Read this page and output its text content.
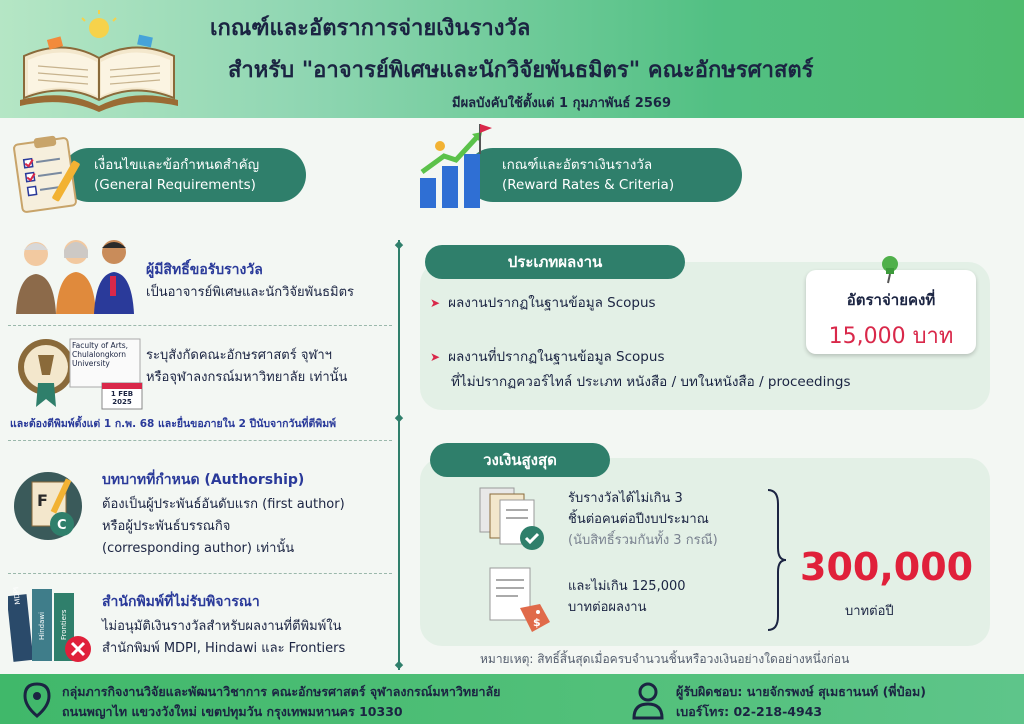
เกณฑ์และอัตราการจ่ายเงินรางวัล
สำหรับ "อาจารย์พิเศษและนักวิจัยพันธมิตร" คณะอักษรศาสตร์
มีผลบังคับใช้ตั้งแต่ 1 กุมภาพันธ์ 2569
เงื่อนไขและข้อกำหนดสำคัญ
(General Requirements)
เกณฑ์และอัตราเงินรางวัล
(Reward Rates & Criteria)
◆
◆
◆
ผู้มีสิทธิ์ขอรับรางวัล
เป็นอาจารย์พิเศษและนักวิจัยพันธมิตร
Faculty of Arts, Chulalongkorn University
1 FEB 2025
ระบุสังกัดคณะอักษรศาสตร์ จุฬาฯ
หรือจุฬาลงกรณ์มหาวิทยาลัย เท่านั้น
และต้องตีพิมพ์ตั้งแต่ 1 ก.พ. 68 และยื่นขอภายใน 2 ปีนับจากวันที่ตีพิมพ์
F
C
บทบาทที่กำหนด (Authorship)
ต้องเป็นผู้ประพันธ์อันดับแรก (first author)
หรือผู้ประพันธ์บรรณกิจ
(corresponding author) เท่านั้น
MDPI
Hindawi Frontiers
สำนักพิมพ์ที่ไม่รับพิจารณา
ไม่อนุมัติเงินรางวัลสำหรับผลงานที่ตีพิมพ์ใน
สำนักพิมพ์ MDPI, Hindawi และ Frontiers
ประเภทผลงาน
➤ ผลงานปรากฏในฐานข้อมูล Scopus
➤ ผลงานที่ปรากฏในฐานข้อมูล Scopus
ที่ไม่ปรากฏควอร์ไทล์ ประเภท หนังสือ / บทในหนังสือ / proceedings
อัตราจ่ายคงที่
15,000 บาท
วงเงินสูงสุด
$
รับรางวัลได้ไม่เกิน 3
ชิ้นต่อคนต่อปีงบประมาณ
(นับสิทธิ์รวมกันทั้ง 3 กรณี)
และไม่เกิน 125,000
บาทต่อผลงาน
300,000
บาทต่อปี
หมายเหตุ: สิทธิ์สิ้นสุดเมื่อครบจำนวนชิ้นหรือวงเงินอย่างใดอย่างหนึ่งก่อน
กลุ่มภารกิจงานวิจัยและพัฒนาวิชาการ คณะอักษรศาสตร์ จุฬาลงกรณ์มหาวิทยาลัย
ถนนพญาไท แขวงวังใหม่ เขตปทุมวัน กรุงเทพมหานคร 10330
ผู้รับผิดชอบ: นายจักรพงษ์ สุเมธานนท์ (พี่ป๋อม)
เบอร์โทร: 02-218-4943
